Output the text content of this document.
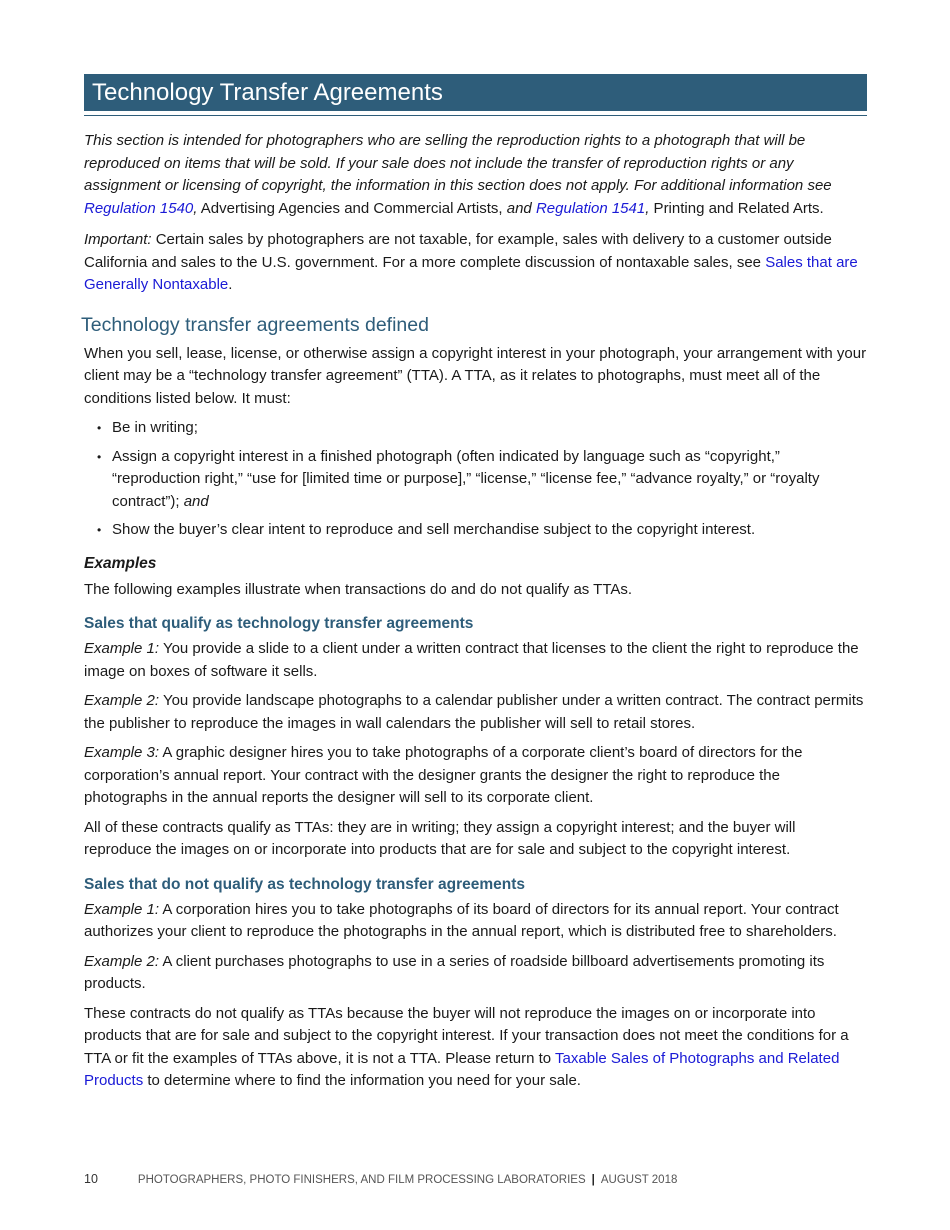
Technology Transfer Agreements

This section is intended for photographers who are selling the reproduction rights to a photograph that will be reproduced on items that will be sold. If your sale does not include the transfer of reproduction rights or any assignment or licensing of copyright, the information in this section does not apply. For additional information see Regulation 1540, Advertising Agencies and Commercial Artists, and Regulation 1541, Printing and Related Arts.

Important: Certain sales by photographers are not taxable, for example, sales with delivery to a customer outside California and sales to the U.S. government. For a more complete discussion of nontaxable sales, see Sales that are Generally Nontaxable.

Technology transfer agreements defined

When you sell, lease, license, or otherwise assign a copyright interest in your photograph, your arrangement with your client may be a “technology transfer agreement” (TTA). A TTA, as it relates to photographs, must meet all of the conditions listed below. It must:

• Be in writing;
• Assign a copyright interest in a finished photograph (often indicated by language such as “copyright,” “reproduction right,” “use for [limited time or purpose],” “license,” “license fee,” “advance royalty,” or “royalty contract”); and
• Show the buyer’s clear intent to reproduce and sell merchandise subject to the copyright interest.

Examples

The following examples illustrate when transactions do and do not qualify as TTAs.

Sales that qualify as technology transfer agreements

Example 1: You provide a slide to a client under a written contract that licenses to the client the right to reproduce the image on boxes of software it sells.

Example 2: You provide landscape photographs to a calendar publisher under a written contract. The contract permits the publisher to reproduce the images in wall calendars the publisher will sell to retail stores.

Example 3: A graphic designer hires you to take photographs of a corporate client’s board of directors for the corporation’s annual report. Your contract with the designer grants the designer the right to reproduce the photographs in the annual reports the designer will sell to its corporate client.

All of these contracts qualify as TTAs: they are in writing; they assign a copyright interest; and the buyer will reproduce the images on or incorporate into products that are for sale and subject to the copyright interest.

Sales that do not qualify as technology transfer agreements

Example 1: A corporation hires you to take photographs of its board of directors for its annual report. Your contract authorizes your client to reproduce the photographs in the annual report, which is distributed free to shareholders.

Example 2: A client purchases photographs to use in a series of roadside billboard advertisements promoting its products.

These contracts do not qualify as TTAs because the buyer will not reproduce the images on or incorporate into products that are for sale and subject to the copyright interest. If your transaction does not meet the conditions for a TTA or fit the examples of TTAs above, it is not a TTA. Please return to Taxable Sales of Photographs and Related Products to determine where to find the information you need for your sale.

10	PHOTOGRAPHERS, PHOTO FINISHERS, AND FILM PROCESSING LABORATORIES | AUGUST 2018
